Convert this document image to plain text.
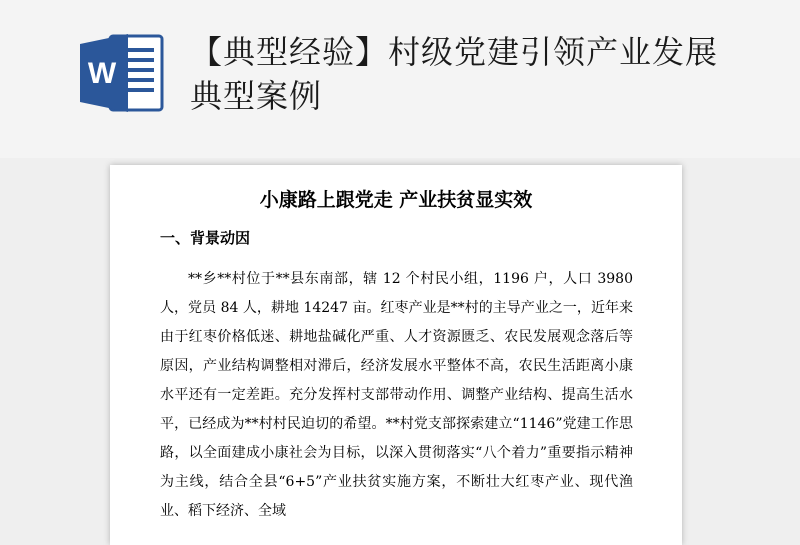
W
【典型经验】村级党建引领产业发展典型案例
小康路上跟党走 产业扶贫显实效
一、背景动因

**乡**村位于**县东南部，辖 12 个村民小组，1196 户，人口 3980 人，党员 84 人，耕地 14247 亩。红枣产业是**村的主导产业之一，近年来由于红枣价格低迷、耕地盐碱化严重、人才资源匮乏、农民发展观念落后等原因，产业结构调整相对滞后，经济发展水平整体不高，农民生活距离小康水平还有一定差距。充分发挥村支部带动作用、调整产业结构、提高生活水平，已经成为**村村民迫切的希望。**村党支部探索建立“1146”党建工作思路，以全面建成小康社会为目标，以深入贯彻落实“八个着力”重要指示精神为主线，结合全县“6+5”产业扶贫实施方案，不断壮大红枣产业、现代渔业、稻下经济、全域
